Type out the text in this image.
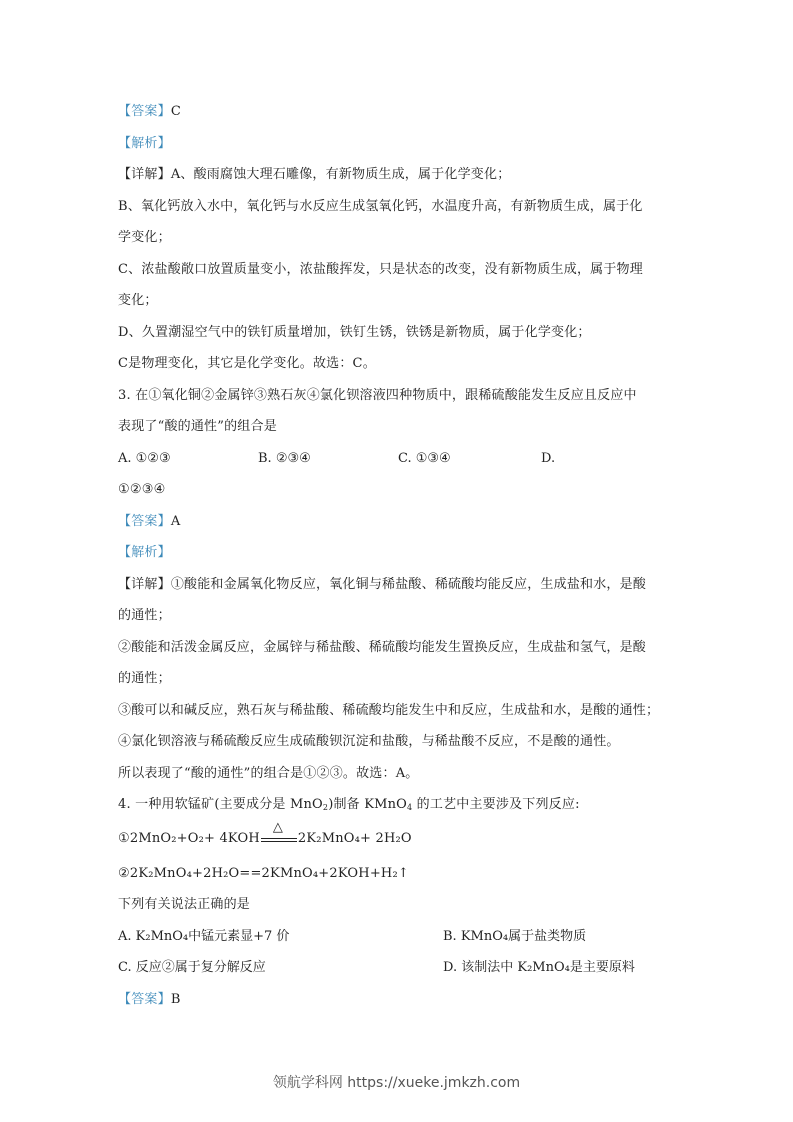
【答案】C
【解析】
【详解】A、酸雨腐蚀大理石雕像，有新物质生成，属于化学变化；
B、氧化钙放入水中，氧化钙与水反应生成氢氧化钙，水温度升高，有新物质生成，属于化
学变化；
C、浓盐酸敞口放置质量变小，浓盐酸挥发，只是状态的改变，没有新物质生成，属于物理
变化；
D、久置潮湿空气中的铁钉质量增加，铁钉生锈，铁锈是新物质，属于化学变化；
C是物理变化，其它是化学变化。故选：C。
3. 在①氧化铜②金属锌③熟石灰④氯化钡溶液四种物质中，跟稀硫酸能发生反应且反应中
表现了“酸的通性”的组合是
A. ①②③	B. ②③④	C. ①③④	D.
①②③④
【答案】A
【解析】
【详解】①酸能和金属氧化物反应，氧化铜与稀盐酸、稀硫酸均能反应，生成盐和水，是酸
的通性；
②酸能和活泼金属反应，金属锌与稀盐酸、稀硫酸均能发生置换反应，生成盐和氢气，是酸
的通性；
③酸可以和碱反应，熟石灰与稀盐酸、稀硫酸均能发生中和反应，生成盐和水，是酸的通性；
④氯化钡溶液与稀硫酸反应生成硫酸钡沉淀和盐酸，与稀盐酸不反应，不是酸的通性。
所以表现了“酸的通性”的组合是①②③。故选：A。
4. 一种用软锰矿(主要成分是 MnO$_2$)制备 KMnO$_4$ 的工艺中主要涉及下列反应:
①2MnO₂+O₂+ 4KOH
△
2K₂MnO₄+ 2H₂O
②2K₂MnO₄+2H₂O==2KMnO₄+2KOH+H₂↑
下列有关说法正确的是
A. K₂MnO₄中锰元素显+7 价	B. KMnO₄属于盐类物质
C. 反应②属于复分解反应	D. 该制法中 K₂MnO₄是主要原料
【答案】B
领航学科网 https://xueke.jmkzh.com
